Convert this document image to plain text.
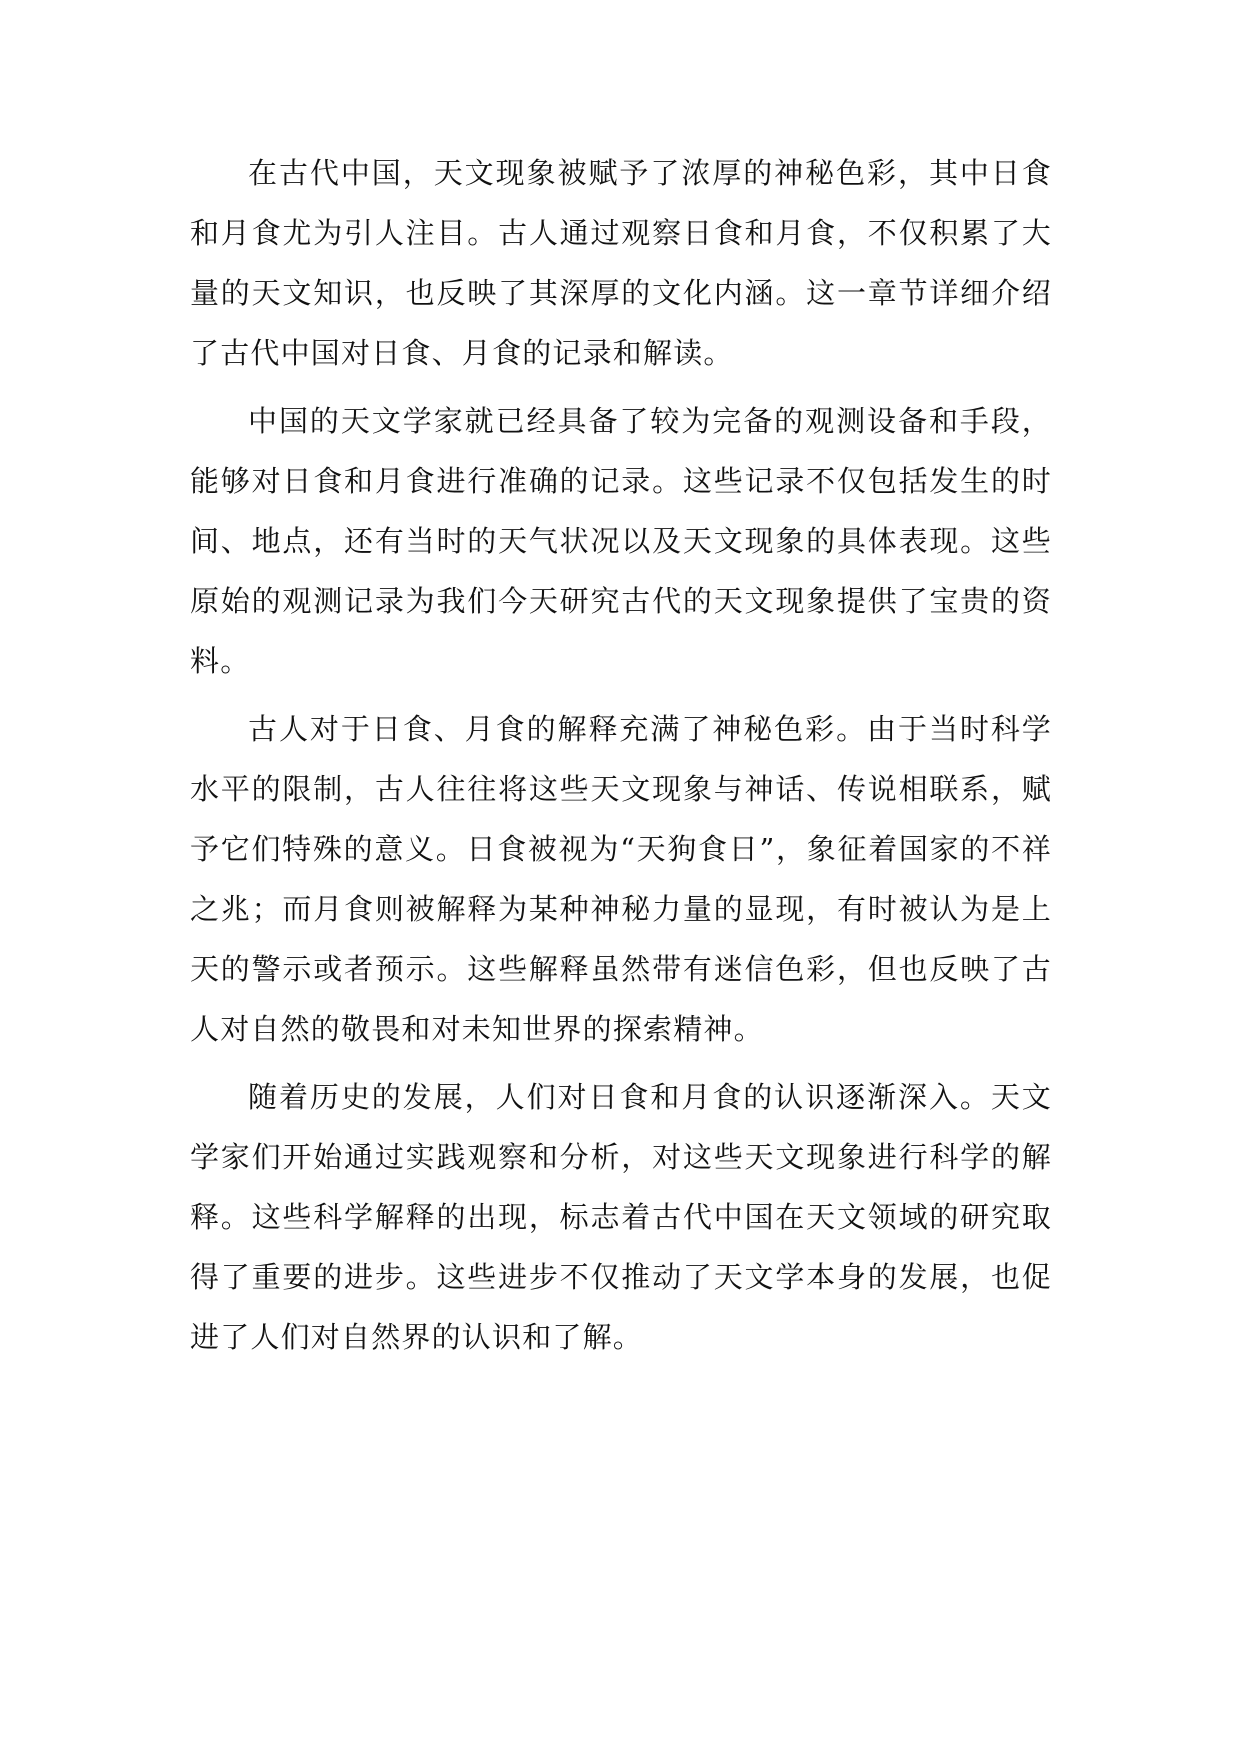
在古代中国，天文现象被赋予了浓厚的神秘色彩，其中日食和月食尤为引人注目。古人通过观察日食和月食，不仅积累了大量的天文知识，也反映了其深厚的文化内涵。这一章节详细介绍了古代中国对日食、月食的记录和解读。

中国的天文学家就已经具备了较为完备的观测设备和手段，能够对日食和月食进行准确的记录。这些记录不仅包括发生的时间、地点，还有当时的天气状况以及天文现象的具体表现。这些原始的观测记录为我们今天研究古代的天文现象提供了宝贵的资料。

古人对于日食、月食的解释充满了神秘色彩。由于当时科学水平的限制，古人往往将这些天文现象与神话、传说相联系，赋予它们特殊的意义。日食被视为“天狗食日”，象征着国家的不祥之兆；而月食则被解释为某种神秘力量的显现，有时被认为是上天的警示或者预示。这些解释虽然带有迷信色彩，但也反映了古人对自然的敬畏和对未知世界的探索精神。

随着历史的发展，人们对日食和月食的认识逐渐深入。天文学家们开始通过实践观察和分析，对这些天文现象进行科学的解释。这些科学解释的出现，标志着古代中国在天文领域的研究取得了重要的进步。这些进步不仅推动了天文学本身的发展，也促进了人们对自然界的认识和了解。
